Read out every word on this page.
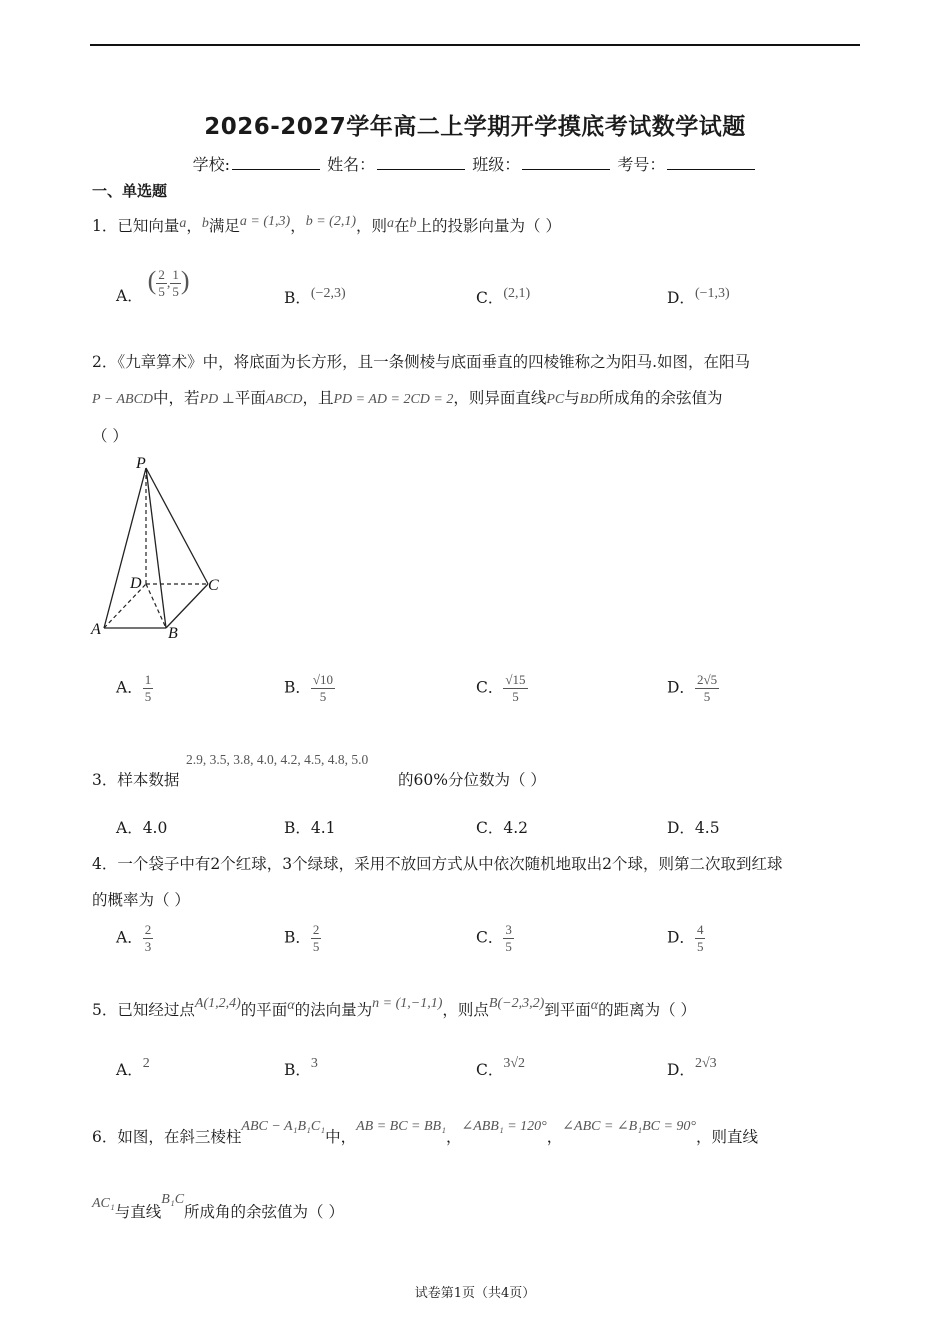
2026-2027学年高二上学期开学摸底考试数学试题
学校:	姓名：	班级：	考号：
一、单选题
1．已知向量a，b满足a = (1,3)，b = (2,1)，则a在b上的投影向量为（ ）
A． ( $\frac{2}{5}$ , $\frac{1}{5}$ )
B．(−2,3)	C．(2,1)	D．(−1,3)
2．《九章算术》中，将底面为长方形，且一条侧棱与底面垂直的四棱锥称之为阳马.如图，在阳马
P − ABCD中，若PD ⊥平面ABCD，且PD = AD = 2CD = 2，则异面直线PC与BD所成角的余弦值为
（ ）
P
D	C
A	B
A． $\frac{1}{5}$	B． $\frac{√10}{5}$	C． $\frac{√15}{5}$	D． $\frac{2√5}{5}$
2.9, 3.5, 3.8, 4.0, 4.2, 4.5, 4.8, 5.0
3．样本数据	的60%分位数为（ ）
A．4.0	B．4.1	C．4.2	D．4.5
4．一个袋子中有2个红球，3个绿球，采用不放回方式从中依次随机地取出2个球，则第二次取到红球
的概率为（ ）
A． $\frac{2}{3}$	B． $\frac{2}{5}$	C． $\frac{3}{5}$	D． $\frac{4}{5}$
5．已知经过点A(1,2,4)的平面α的法向量为n = (1,−1,1)，则点B(−2,3,2)到平面α的距离为（ ）
A．2	B．3	C．3√2	D．2√3
6．如图，在斜三棱柱ABC − A₁B₁C₁中，AB = BC = BB₁，∠ABB₁ = 120°，∠ABC = ∠B₁BC = 90°，则直线
AC₁与直线B₁C所成角的余弦值为（ ）
试卷第1页（共4页）
